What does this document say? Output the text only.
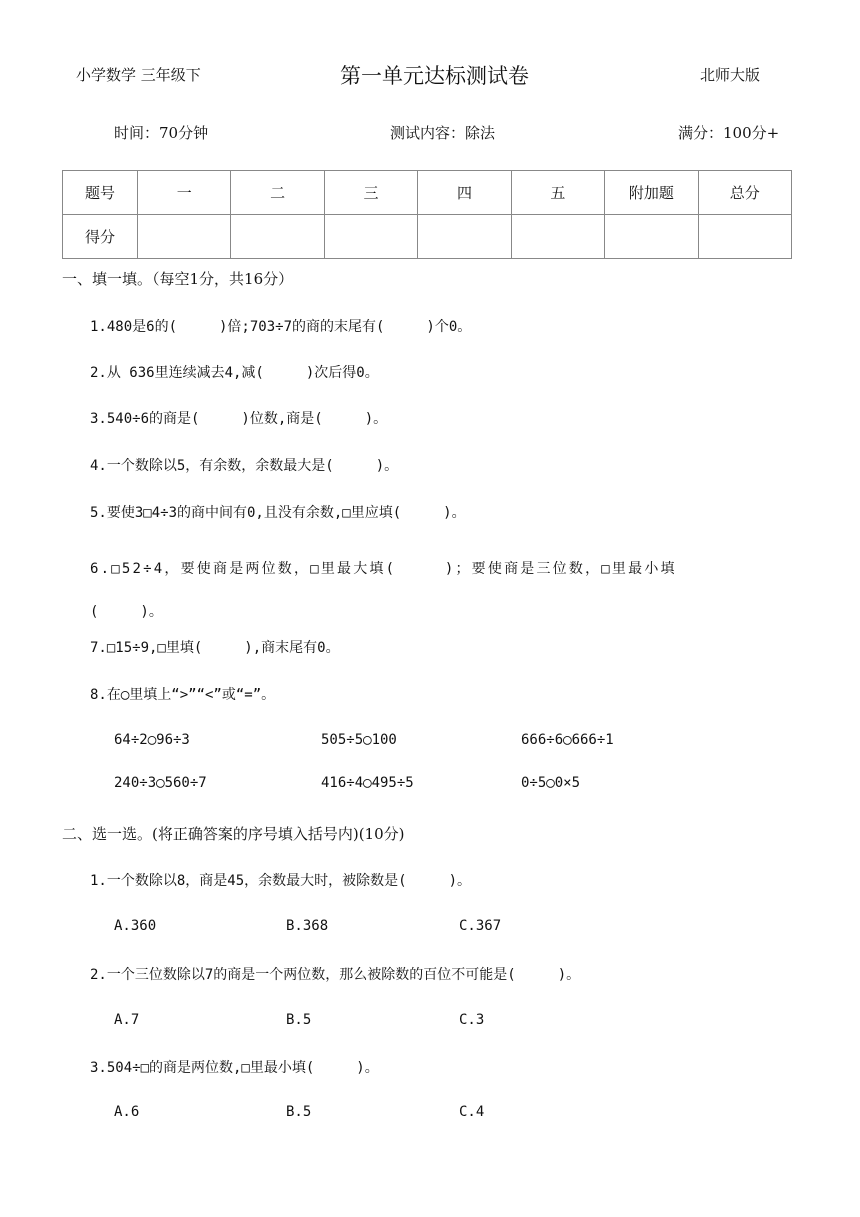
小学数学 三年级下	第一单元达标测试卷	北师大版
时间：70分钟	测试内容：除法	满分：100分+
题号	一	二	三	四	五	附加题	总分
得分							
一、填一填。（每空1分，共16分）
1.480是6的(　　　)倍;703÷7的商的末尾有(　　　)个0。
2.从 636里连续减去4,减(　　　)次后得0。
3.540÷6的商是(　　　)位数,商是(　　　)。
4.一个数除以5，有余数，余数最大是(　　　)。
5.要使3□4÷3的商中间有0,且没有余数,□里应填(　　　)。
6.□52÷4，要使商是两位数，□里最大填(　　　)；要使商是三位数，□里最小填
(　　　)。
7.□15÷9,□里填(　　　),商末尾有0。
8.在◯里填上“>”“<”或“=”。
64÷2◯96÷3	505÷5◯100	666÷6◯666÷1
240÷3◯560÷7	416÷4◯495÷5	0÷5◯0×5
二、选一选。(将正确答案的序号填入括号内)(10分)
1.一个数除以8，商是45，余数最大时，被除数是(　　　)。
A.360	B.368	C.367
2.一个三位数除以7的商是一个两位数，那么被除数的百位不可能是(　　　)。
A.7	B.5	C.3
3.504÷□的商是两位数,□里最小填(　　　)。
A.6	B.5	C.4
